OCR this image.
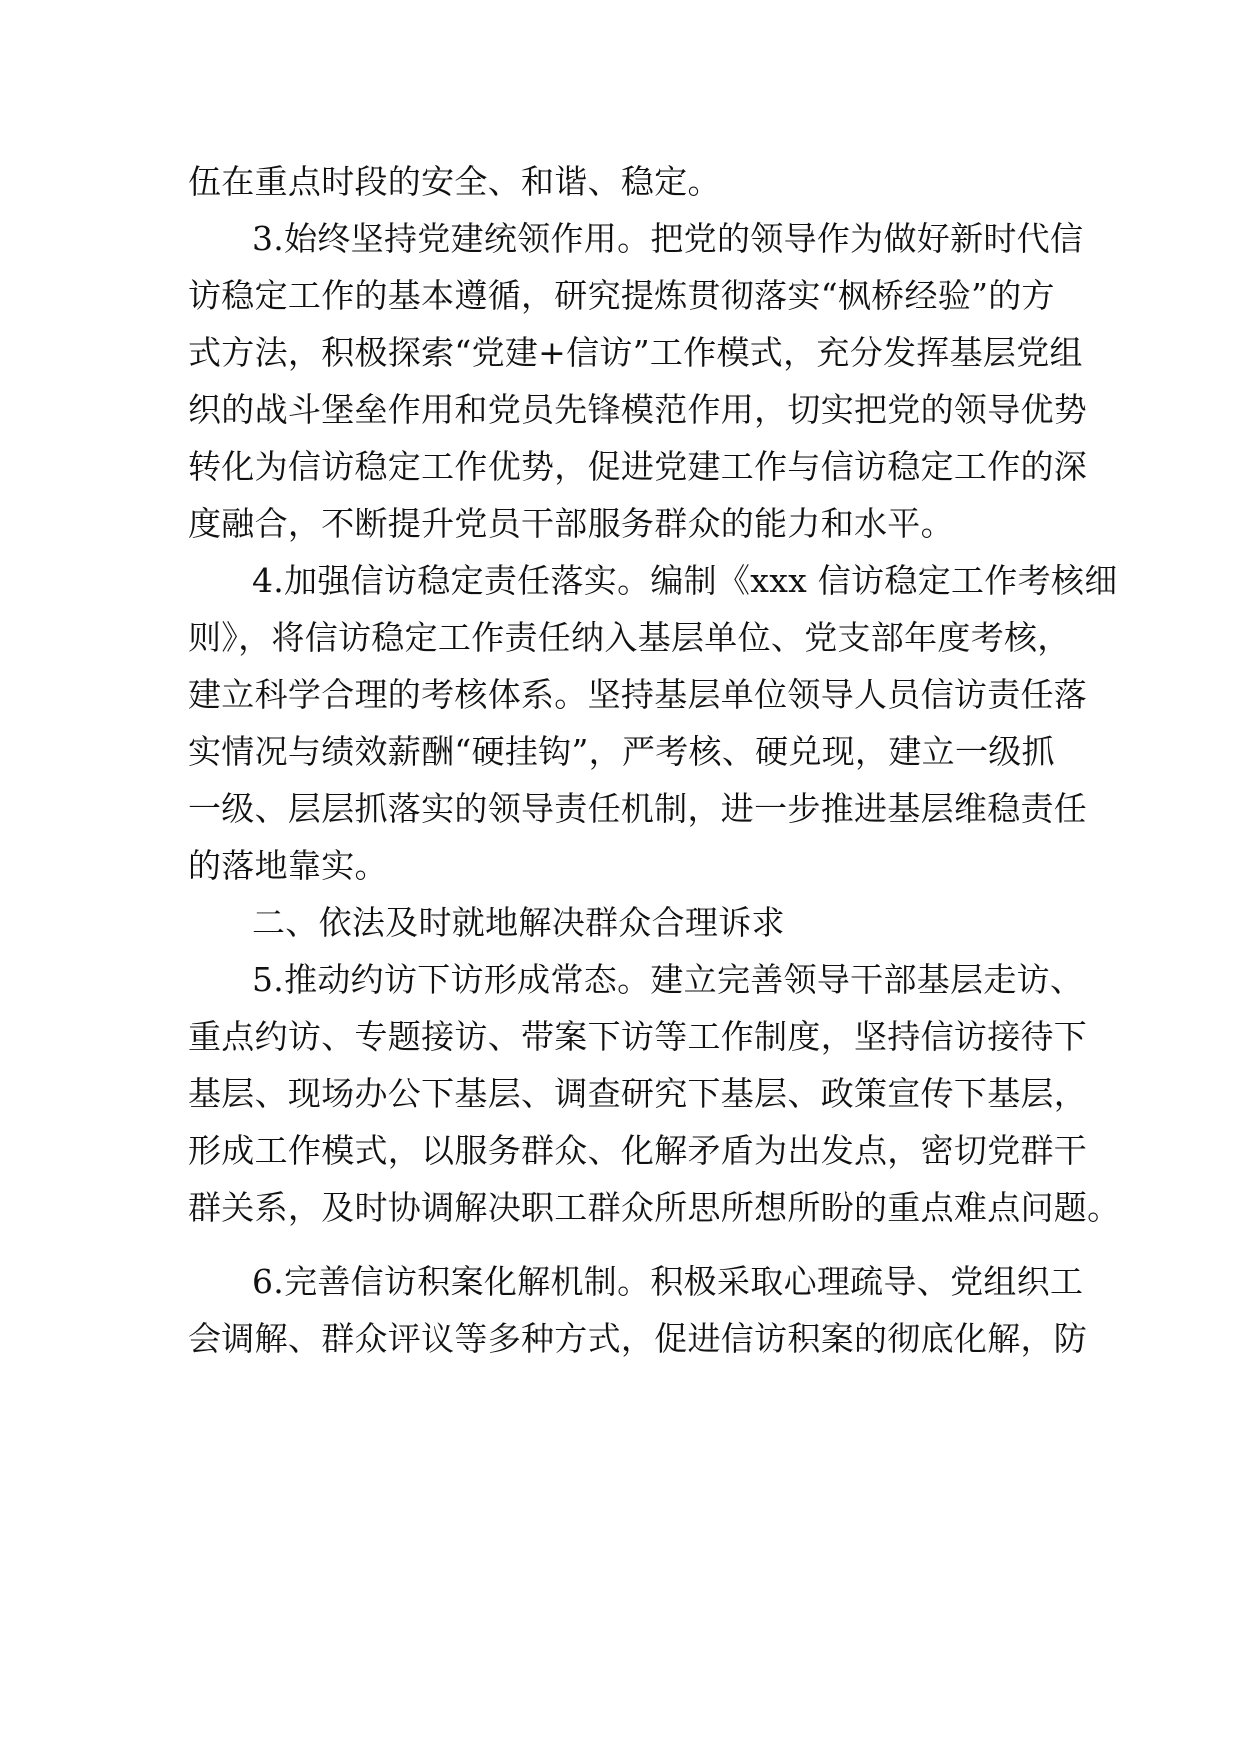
伍在重点时段的安全、和谐、稳定。
3.始终坚持党建统领作用。把党的领导作为做好新时代信
访稳定工作的基本遵循，研究提炼贯彻落实“枫桥经验”的方
式方法，积极探索“党建+信访”工作模式，充分发挥基层党组
织的战斗堡垒作用和党员先锋模范作用，切实把党的领导优势
转化为信访稳定工作优势，促进党建工作与信访稳定工作的深
度融合，不断提升党员干部服务群众的能力和水平。
4.加强信访稳定责任落实。编制《xxx 信访稳定工作考核细
则》，将信访稳定工作责任纳入基层单位、党支部年度考核，
建立科学合理的考核体系。坚持基层单位领导人员信访责任落
实情况与绩效薪酬“硬挂钩”，严考核、硬兑现，建立一级抓
一级、层层抓落实的领导责任机制，进一步推进基层维稳责任
的落地靠实。
二、依法及时就地解决群众合理诉求
5.推动约访下访形成常态。建立完善领导干部基层走访、
重点约访、专题接访、带案下访等工作制度，坚持信访接待下
基层、现场办公下基层、调查研究下基层、政策宣传下基层，
形成工作模式，以服务群众、化解矛盾为出发点，密切党群干
群关系，及时协调解决职工群众所思所想所盼的重点难点问题。
6.完善信访积案化解机制。积极采取心理疏导、党组织工
会调解、群众评议等多种方式，促进信访积案的彻底化解，防
